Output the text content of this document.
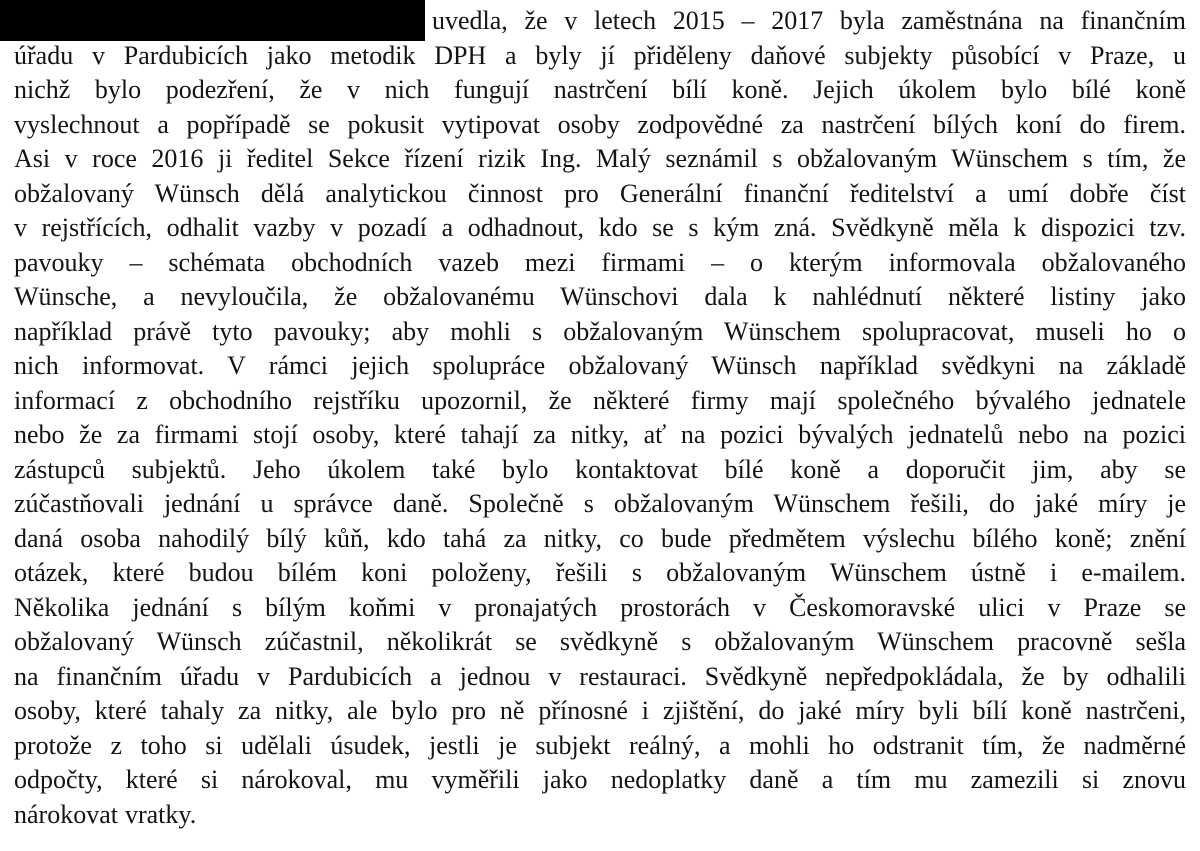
uvedla, že v letech 2015 – 2017 byla zaměstnána na finančním
úřadu v Pardubicích jako metodik DPH a byly jí přiděleny daňové subjekty působící v Praze, u
nichž bylo podezření, že v nich fungují nastrčení bílí koně. Jejich úkolem bylo bílé koně
vyslechnout a popřípadě se pokusit vytipovat osoby zodpovědné za nastrčení bílých koní do firem.
Asi v roce 2016 ji ředitel Sekce řízení rizik Ing. Malý seznámil s obžalovaným Wünschem s tím, že
obžalovaný Wünsch dělá analytickou činnost pro Generální finanční ředitelství a umí dobře číst
v rejstřících, odhalit vazby v pozadí a odhadnout, kdo se s kým zná. Svědkyně měla k dispozici tzv.
pavouky – schémata obchodních vazeb mezi firmami – o kterým informovala obžalovaného
Wünsche, a nevyloučila, že obžalovanému Wünschovi dala k nahlédnutí některé listiny jako
například právě tyto pavouky; aby mohli s obžalovaným Wünschem spolupracovat, museli ho o
nich informovat. V rámci jejich spolupráce obžalovaný Wünsch například svědkyni na základě
informací z obchodního rejstříku upozornil, že některé firmy mají společného bývalého jednatele
nebo že za firmami stojí osoby, které tahají za nitky, ať na pozici bývalých jednatelů nebo na pozici
zástupců subjektů. Jeho úkolem také bylo kontaktovat bílé koně a doporučit jim, aby se
zúčastňovali jednání u správce daně. Společně s obžalovaným Wünschem řešili, do jaké míry je
daná osoba nahodilý bílý kůň, kdo tahá za nitky, co bude předmětem výslechu bílého koně; znění
otázek, které budou bílém koni položeny, řešili s obžalovaným Wünschem ústně i e-mailem.
Několika jednání s bílým koňmi v pronajatých prostorách v Českomoravské ulici v Praze se
obžalovaný Wünsch zúčastnil, několikrát se svědkyně s obžalovaným Wünschem pracovně sešla
na finančním úřadu v Pardubicích a jednou v restauraci. Svědkyně nepředpokládala, že by odhalili
osoby, které tahaly za nitky, ale bylo pro ně přínosné i zjištění, do jaké míry byli bílí koně nastrčeni,
protože z toho si udělali úsudek, jestli je subjekt reálný, a mohli ho odstranit tím, že nadměrné
odpočty, které si nárokoval, mu vyměřili jako nedoplatky daně a tím mu zamezili si znovu
nárokovat vratky.
